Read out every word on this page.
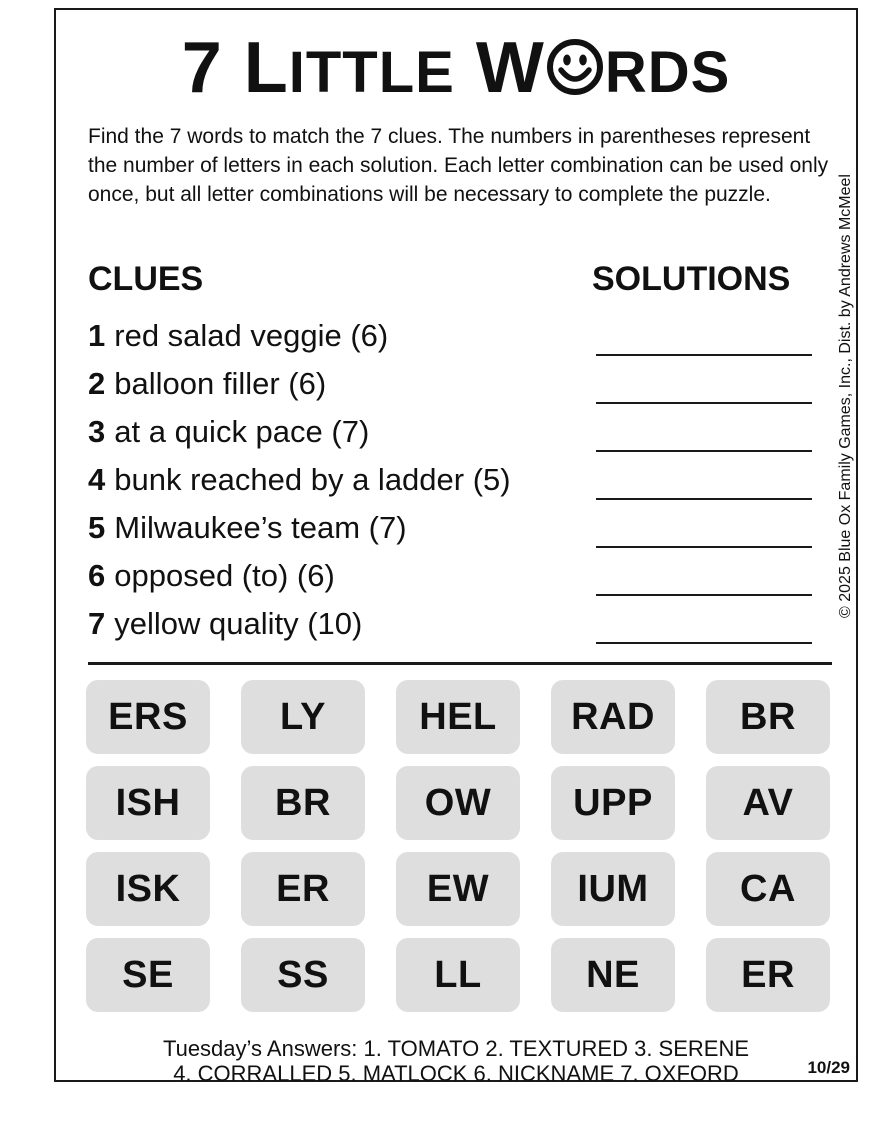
7 LITTLE W RDS
Find the 7 words to match the 7 clues. The numbers in parentheses represent the number of letters in each solution. Each letter combination can be used only once, but all letter combinations will be necessary to complete the puzzle.
CLUES	SOLUTIONS
1 red salad veggie (6)
2 balloon filler (6)
3 at a quick pace (7)
4 bunk reached by a ladder (5)
5 Milwaukee’s team (7)
6 opposed (to) (6)
7 yellow quality (10)
© 2025 Blue Ox Family Games, Inc., Dist. by Andrews McMeel
ERS	LY	HEL	RAD	BR
ISH	BR	OW	UPP	AV
ISK	ER	EW	IUM	CA
SE	SS	LL	NE	ER
Tuesday’s Answers: 1. TOMATO 2. TEXTURED 3. SERENE
4. CORRALLED 5. MATLOCK 6. NICKNAME 7. OXFORD	10/29
